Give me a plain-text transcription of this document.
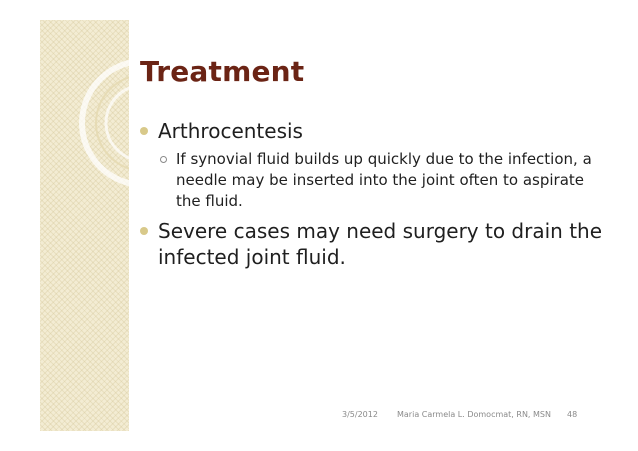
Treatment
Arthrocentesis
If synovial fluid builds up quickly due to the infection, a needle may be inserted into the joint often to aspirate the fluid.
Severe cases may need surgery to drain the infected joint fluid.
3/5/2012 Maria Carmela L. Domocmat, RN, MSN 48
